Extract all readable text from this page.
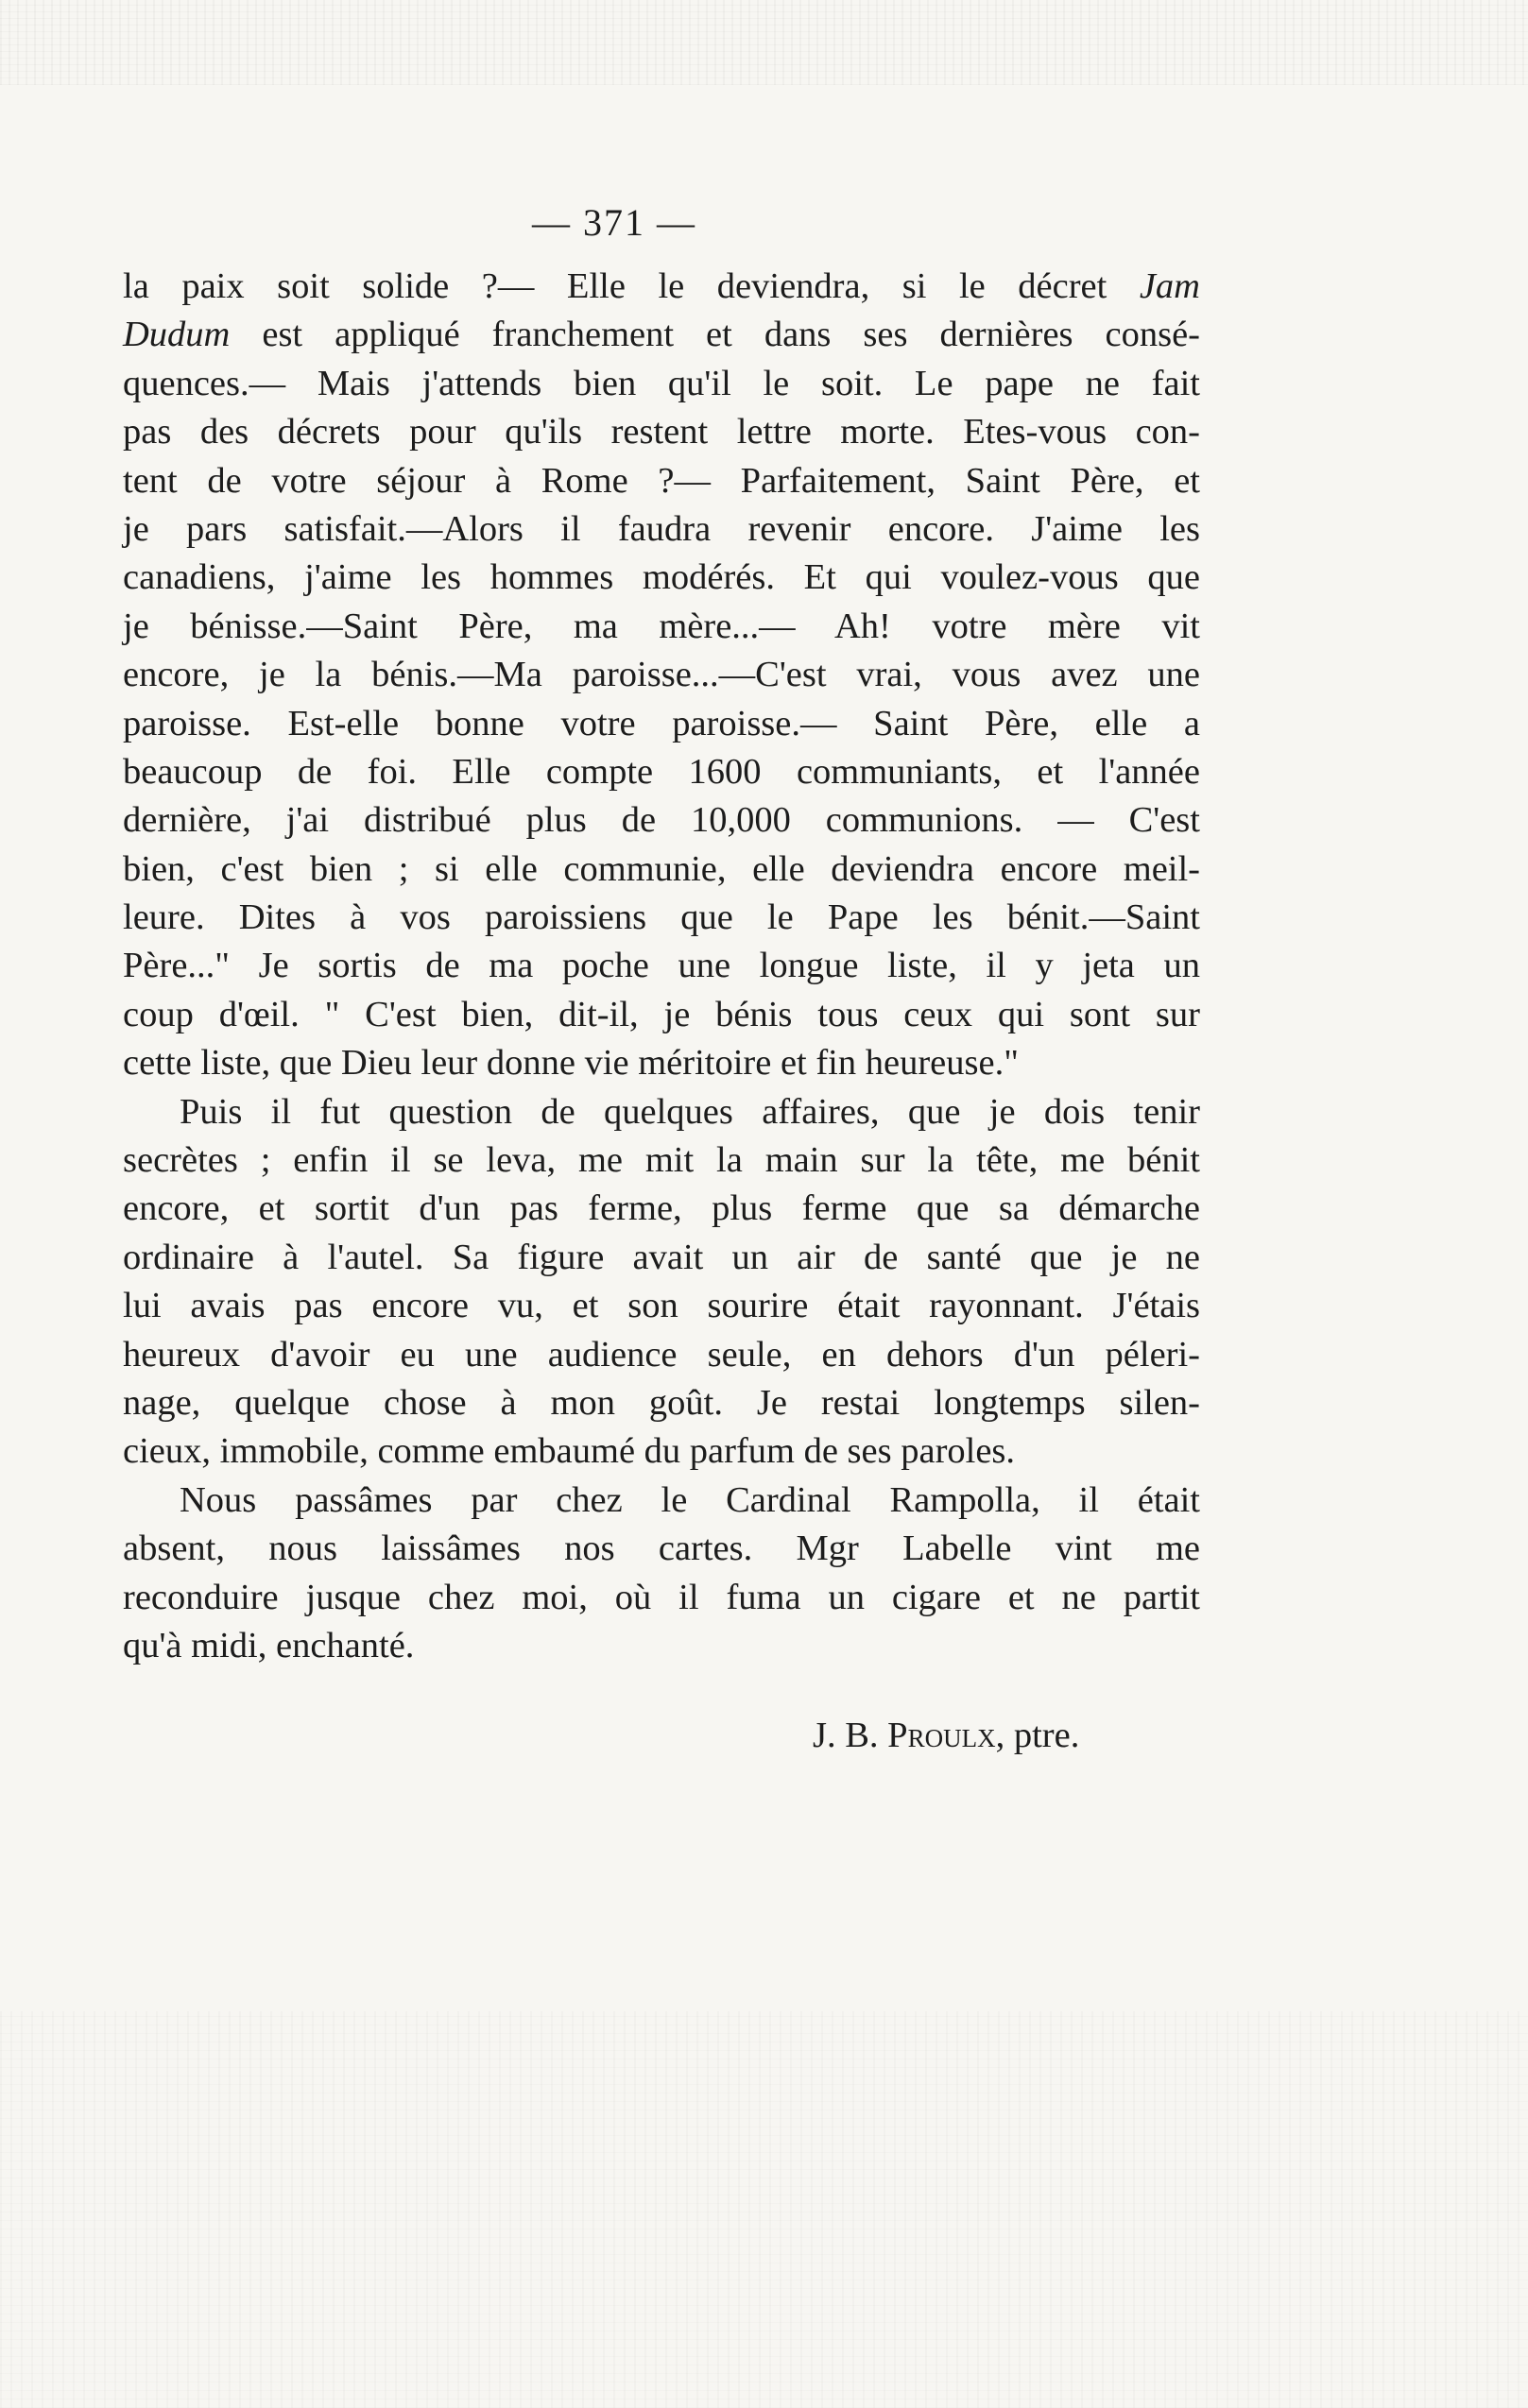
— 371 —
la paix soit solide ?— Elle le deviendra, si le décret Jam
Dudum est appliqué franchement et dans ses dernières consé-
quences.— Mais j'attends bien qu'il le soit. Le pape ne fait
pas des décrets pour qu'ils restent lettre morte. Etes-vous con-
tent de votre séjour à Rome ?— Parfaitement, Saint Père, et
je pars satisfait.—Alors il faudra revenir encore. J'aime les
canadiens, j'aime les hommes modérés. Et qui voulez-vous que
je bénisse.—Saint Père, ma mère...— Ah! votre mère vit
encore, je la bénis.—Ma paroisse...—C'est vrai, vous avez une
paroisse. Est-elle bonne votre paroisse.— Saint Père, elle a
beaucoup de foi. Elle compte 1600 communiants, et l'année
dernière, j'ai distribué plus de 10,000 communions. — C'est
bien, c'est bien ; si elle communie, elle deviendra encore meil-
leure. Dites à vos paroissiens que le Pape les bénit.—Saint
Père..." Je sortis de ma poche une longue liste, il y jeta un
coup d'œil. " C'est bien, dit-il, je bénis tous ceux qui sont sur
cette liste, que Dieu leur donne vie méritoire et fin heureuse."
Puis il fut question de quelques affaires, que je dois tenir
secrètes ; enfin il se leva, me mit la main sur la tête, me bénit
encore, et sortit d'un pas ferme, plus ferme que sa démarche
ordinaire à l'autel. Sa figure avait un air de santé que je ne
lui avais pas encore vu, et son sourire était rayonnant. J'étais
heureux d'avoir eu une audience seule, en dehors d'un péleri-
nage, quelque chose à mon goût. Je restai longtemps silen-
cieux, immobile, comme embaumé du parfum de ses paroles.
Nous passâmes par chez le Cardinal Rampolla, il était
absent, nous laissâmes nos cartes. Mgr Labelle vint me
reconduire jusque chez moi, où il fuma un cigare et ne partit
qu'à midi, enchanté.
J. B. Proulx, ptre.
